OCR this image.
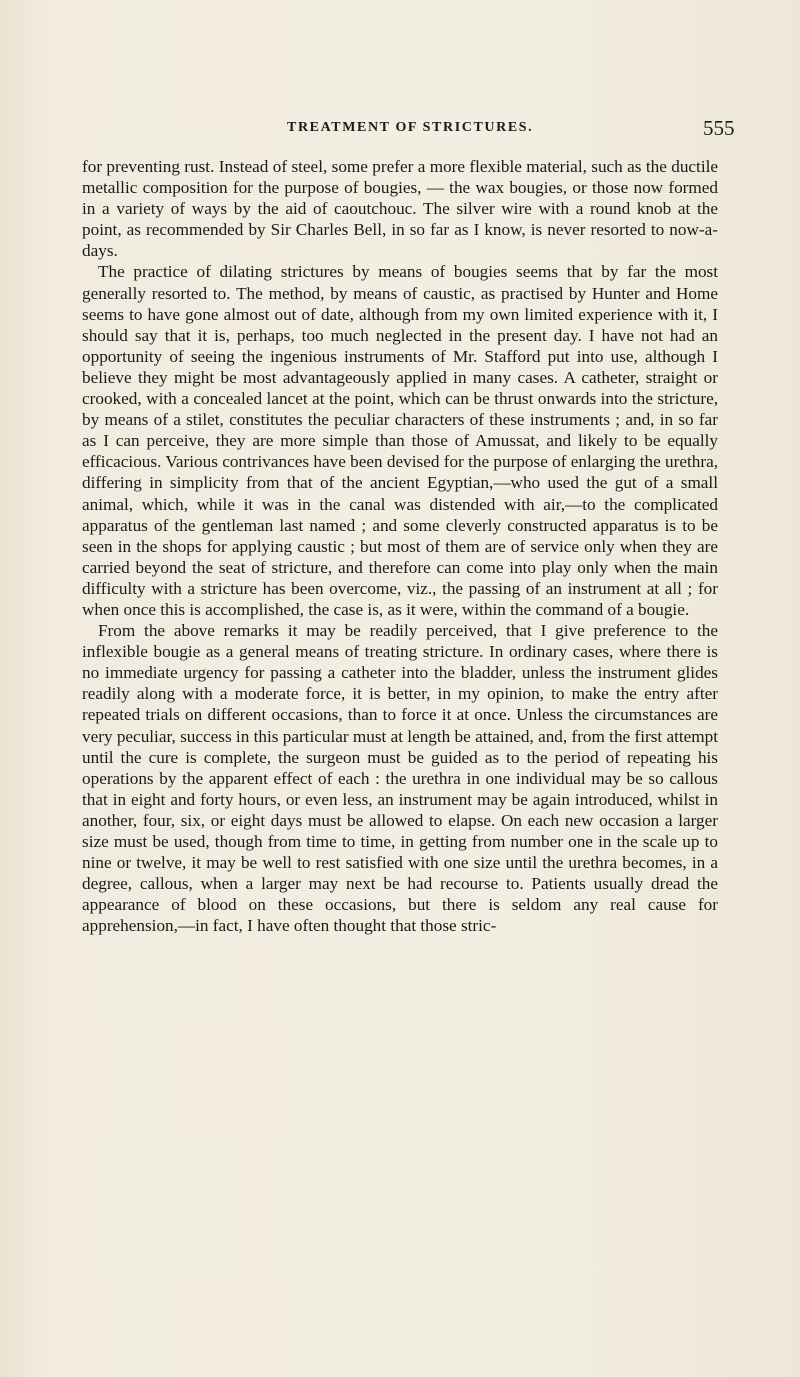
TREATMENT OF STRICTURES.	555

for preventing rust. Instead of steel, some prefer a more flexible material, such as the ductile metallic composition for the purpose of bougies, — the wax bougies, or those now formed in a variety of ways by the aid of caoutchouc. The silver wire with a round knob at the point, as recommended by Sir Charles Bell, in so far as I know, is never resorted to now-a-days.

The practice of dilating strictures by means of bougies seems that by far the most generally resorted to. The method, by means of caustic, as practised by Hunter and Home seems to have gone almost out of date, although from my own limited experience with it, I should say that it is, perhaps, too much neglected in the present day. I have not had an opportunity of seeing the ingenious instruments of Mr. Stafford put into use, although I believe they might be most advantageously applied in many cases. A catheter, straight or crooked, with a concealed lancet at the point, which can be thrust onwards into the stricture, by means of a stilet, constitutes the peculiar characters of these instruments ; and, in so far as I can perceive, they are more simple than those of Amussat, and likely to be equally efficacious. Various contrivances have been devised for the purpose of enlarging the urethra, differing in simplicity from that of the ancient Egyptian,—who used the gut of a small animal, which, while it was in the canal was distended with air,—to the complicated apparatus of the gentleman last named ; and some cleverly constructed apparatus is to be seen in the shops for applying caustic ; but most of them are of service only when they are carried beyond the seat of stricture, and therefore can come into play only when the main difficulty with a stricture has been overcome, viz., the passing of an instrument at all ; for when once this is accomplished, the case is, as it were, within the command of a bougie.

From the above remarks it may be readily perceived, that I give preference to the inflexible bougie as a general means of treating stricture. In ordinary cases, where there is no immediate urgency for passing a catheter into the bladder, unless the instrument glides readily along with a moderate force, it is better, in my opinion, to make the entry after repeated trials on different occasions, than to force it at once. Unless the circumstances are very peculiar, success in this particular must at length be attained, and, from the first attempt until the cure is complete, the surgeon must be guided as to the period of repeating his operations by the apparent effect of each : the urethra in one individual may be so callous that in eight and forty hours, or even less, an instrument may be again introduced, whilst in another, four, six, or eight days must be allowed to elapse. On each new occasion a larger size must be used, though from time to time, in getting from number one in the scale up to nine or twelve, it may be well to rest satisfied with one size until the urethra becomes, in a degree, callous, when a larger may next be had recourse to. Patients usually dread the appearance of blood on these occasions, but there is seldom any real cause for apprehension,—in fact, I have often thought that those stric-
